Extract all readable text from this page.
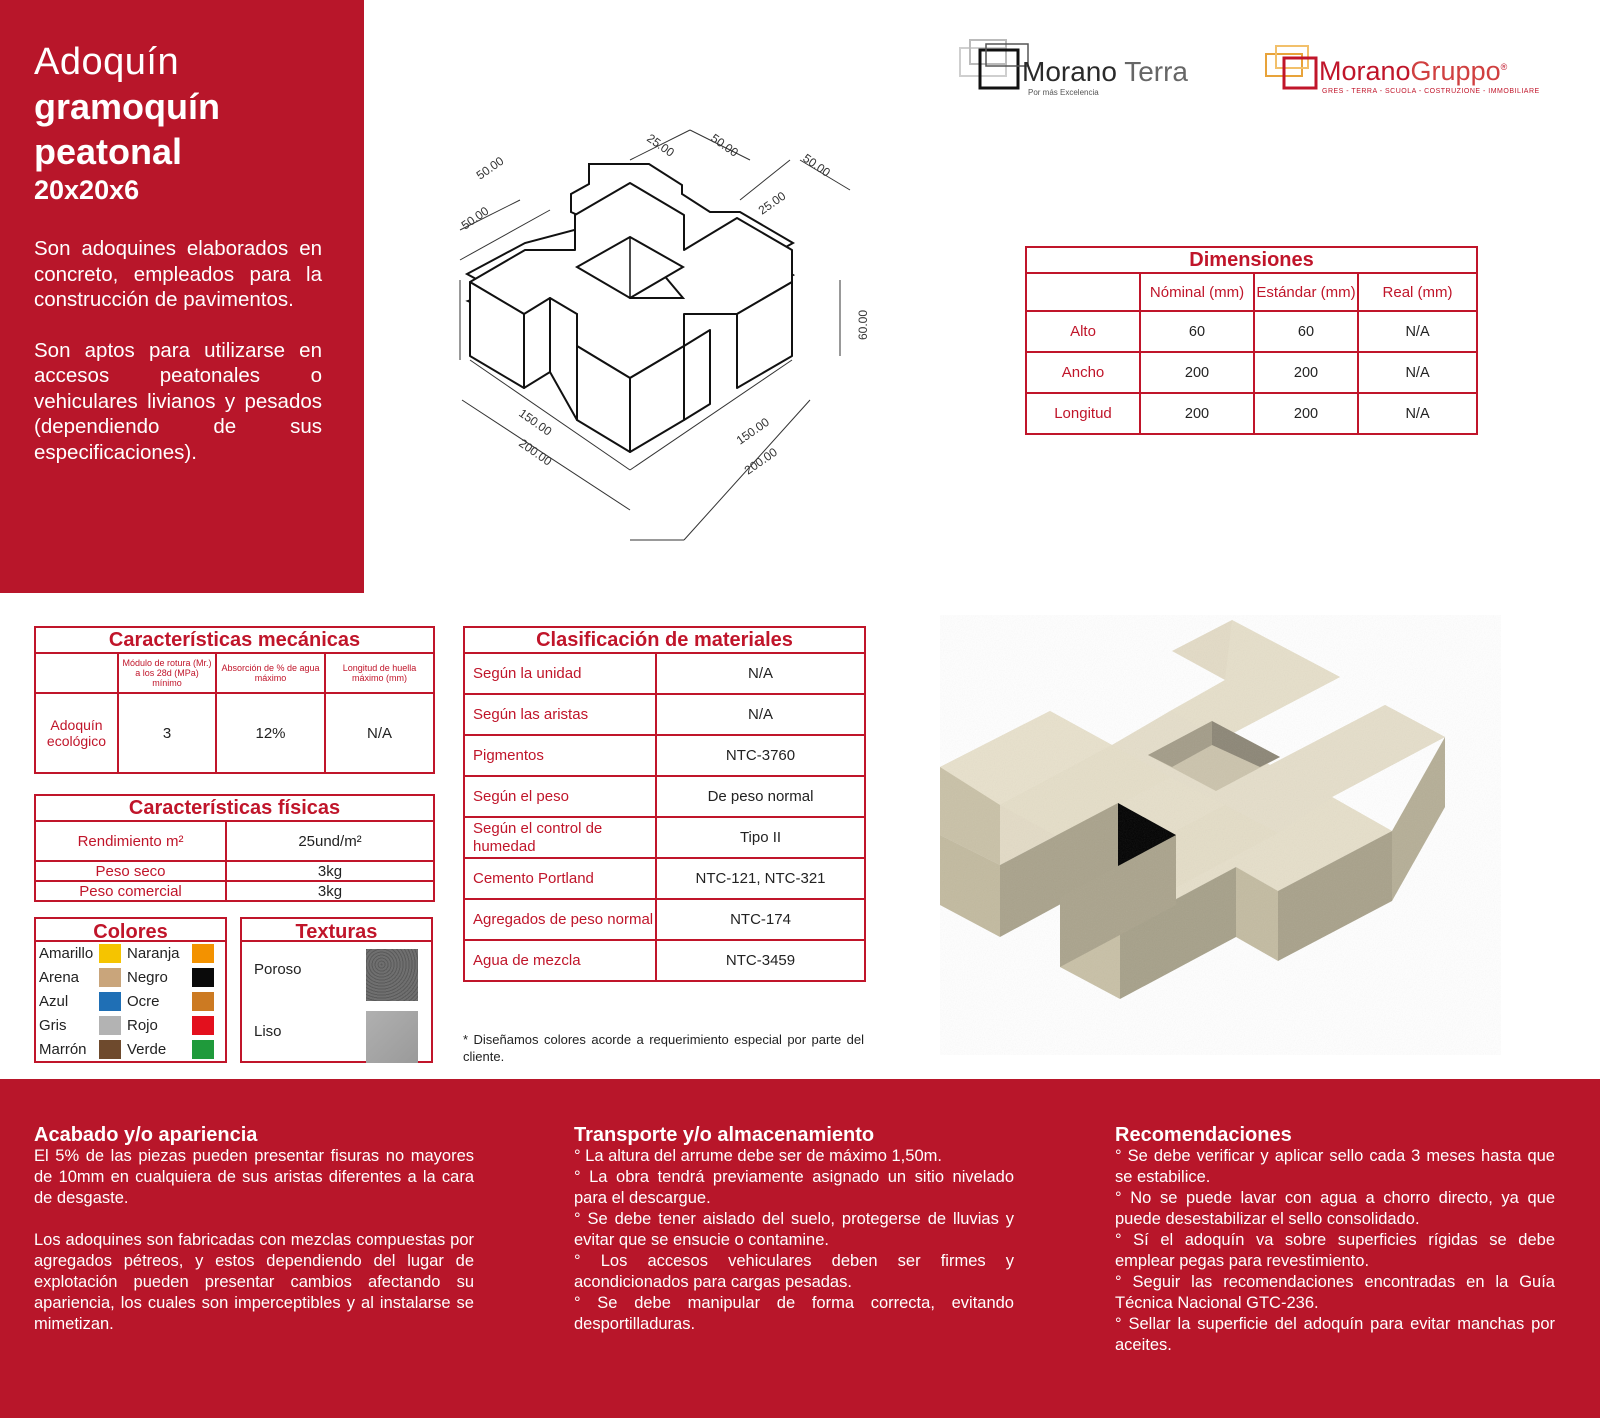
Adoquín
gramoquín
peatonal
20x20x6

Son adoquines elaborados en concreto, empleados para la construcción de pavimentos.

Son aptos para utilizarse en accesos peatonales o vehiculares livianos y pesados (dependiendo de sus especificaciones).

Morano Terra
Por más Excelencia
MoranoGruppo®
GRES - TERRA - SCUOLA - COSTRUZIONE - IMMOBILIARE
25.00	50.00
50.00
50.00
50.00
25.00
60.00
150.00
200.00
150.00
200.00
Dimensiones			
	Nóminal (mm)	Estándar (mm)	Real (mm)
Alto	60	60	N/A
Ancho	200	200	N/A
Longitud	200	200	N/A
Características mecánicas			
	Módulo de rotura (Mr.) a los 28d (MPa) mínimo	Absorción de % de agua máximo	Longitud de huella máximo (mm)
Adoquín ecológico	3	12%	N/A
Características físicas	
Rendimiento m²	25und/m²
Peso seco	3kg
Peso comercial	3kg
Colores
Amarillo	Naranja
Arena	Negro
Azul	Ocre
Gris	Rojo
Marrón	Verde
Texturas
Poroso
Liso
Clasificación de materiales	
Según la unidad	N/A
Según las aristas	N/A
Pigmentos	NTC-3760
Según el peso	De peso normal
Según el control de humedad	Tipo II
Cemento Portland	NTC-121, NTC-321
Agregados de peso normal	NTC-174
Agua de mezcla	NTC-3459
* Diseñamos colores acorde a requerimiento especial por parte del cliente.
Acabado y/o apariencia

El 5% de las piezas pueden presentar fisuras no mayores de 10mm en cualquiera de sus aristas diferentes a la cara de desgaste.

Los adoquines son fabricadas con mezclas compuestas por agregados pétreos, y estos dependiendo del lugar de explotación pueden presentar cambios afectando su apariencia, los cuales son imperceptibles y al instalarse se mimetizan.

Transporte y/o almacenamiento

° La altura del arrume debe ser de máximo 1,50m.

° La obra tendrá previamente asignado un sitio nivelado para el descargue.

° Se debe tener aislado del suelo, protegerse de lluvias y evitar que se ensucie o contamine.

° Los accesos vehiculares deben ser firmes y acondicionados para cargas pesadas.

° Se debe manipular de forma correcta, evitando desportilladuras.

Recomendaciones

° Se debe verificar y aplicar sello cada 3 meses hasta que se estabilice.

° No se puede lavar con agua a chorro directo, ya que puede desestabilizar el sello consolidado.

° Sí el adoquín va sobre superficies rígidas se debe emplear pegas para revestimiento.

° Seguir las recomendaciones encontradas en la Guía Técnica Nacional GTC-236.

° Sellar la superficie del adoquín para evitar manchas por aceites.
